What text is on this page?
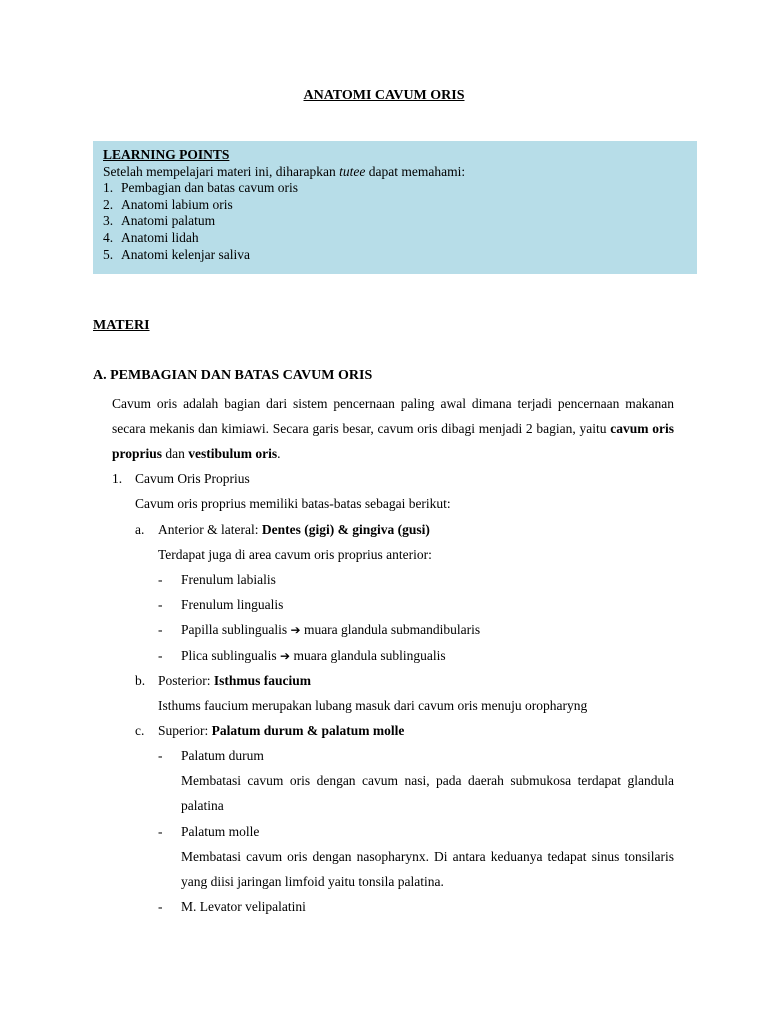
ANATOMI CAVUM ORIS
LEARNING POINTS
Setelah mempelajari materi ini, diharapkan tutee dapat memahami:
1. Pembagian dan batas cavum oris
2. Anatomi labium oris
3. Anatomi palatum
4. Anatomi lidah
5. Anatomi kelenjar saliva
MATERI
A. PEMBAGIAN DAN BATAS CAVUM ORIS
Cavum oris adalah bagian dari sistem pencernaan paling awal dimana terjadi pencernaan makanan secara mekanis dan kimiawi. Secara garis besar, cavum oris dibagi menjadi 2 bagian, yaitu cavum oris proprius dan vestibulum oris.
1. Cavum Oris Proprius
Cavum oris proprius memiliki batas-batas sebagai berikut:
a. Anterior & lateral: Dentes (gigi) & gingiva (gusi)
Terdapat juga di area cavum oris proprius anterior:
- Frenulum labialis
- Frenulum lingualis
- Papilla sublingualis ➔ muara glandula submandibularis
- Plica sublingualis ➔ muara glandula sublingualis
b. Posterior: Isthmus faucium
Isthums faucium merupakan lubang masuk dari cavum oris menuju oropharyng
c. Superior: Palatum durum & palatum molle
- Palatum durum
Membatasi cavum oris dengan cavum nasi, pada daerah submukosa terdapat glandula palatina
- Palatum molle
Membatasi cavum oris dengan nasopharynx. Di antara keduanya tedapat sinus tonsilaris yang diisi jaringan limfoid yaitu tonsila palatina.
- M. Levator velipalatini
